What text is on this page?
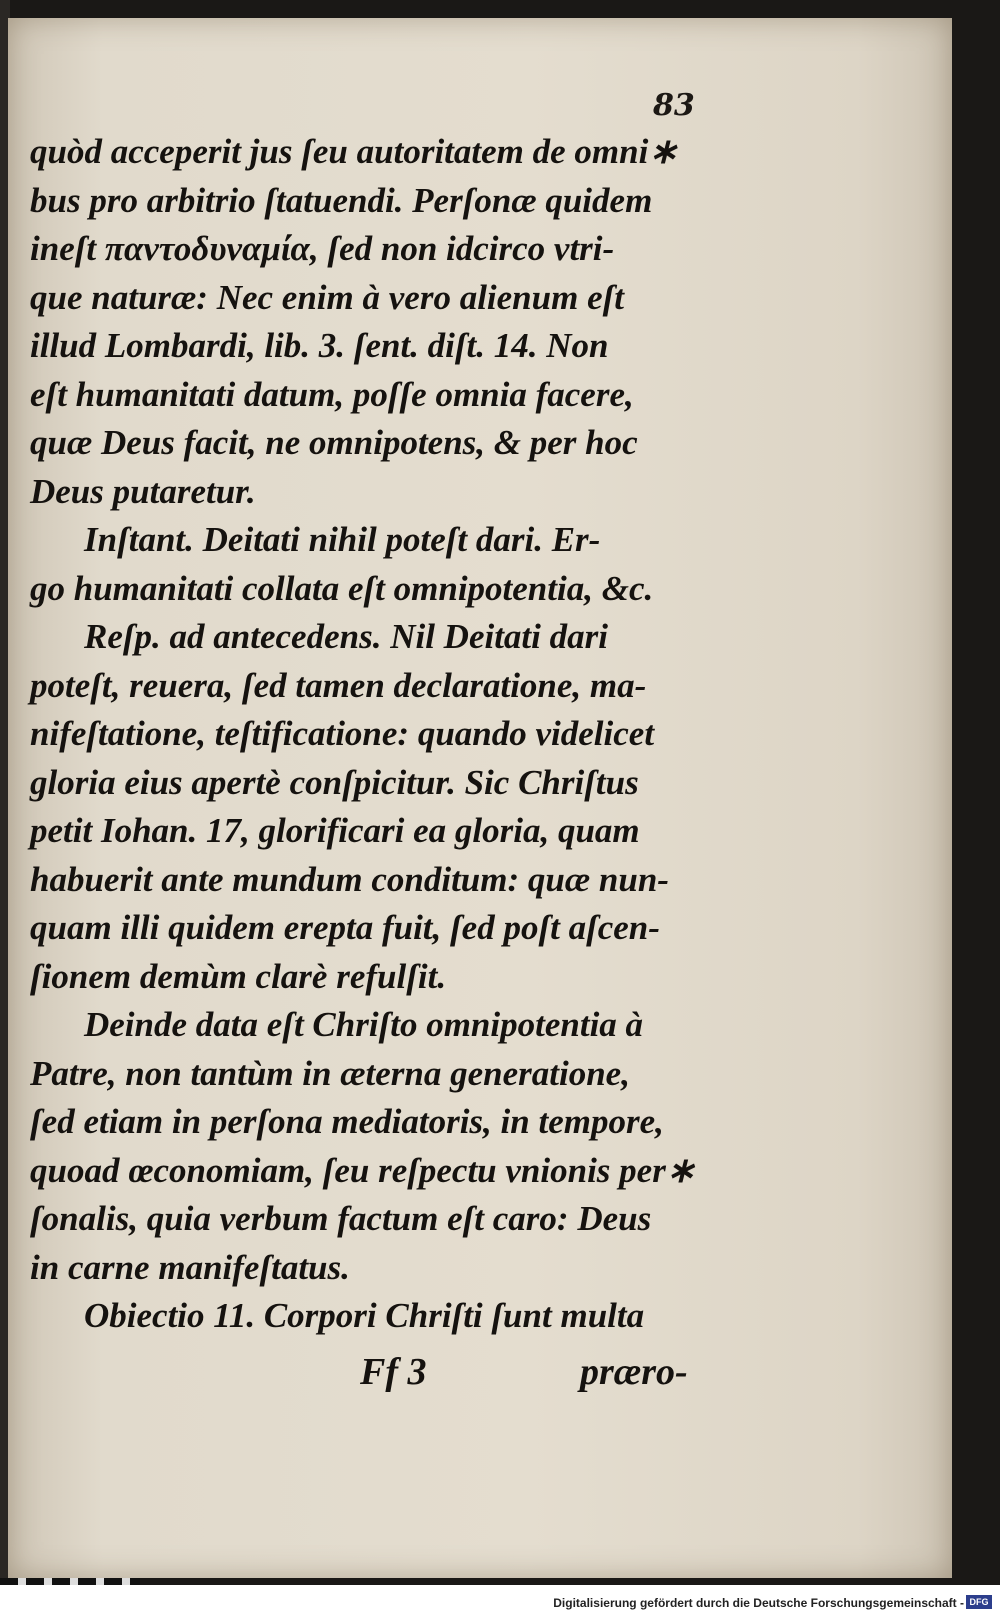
83
quòd acceperit jus ſeu autoritatem de omni∗
bus pro arbitrio ſtatuendi. Perſonæ quidem
ineſt παντοδυναμία, ſed non idcirco vtri-
que naturæ: Nec enim à vero alienum eſt
illud Lombardi, lib. 3. ſent. diſt. 14. Non
eſt humanitati datum, poſſe omnia facere,
quæ Deus facit, ne omnipotens, & per hoc
Deus putaretur.
Inſtant. Deitati nihil poteſt dari. Er-
go humanitati collata eſt omnipotentia, &c.
Reſp. ad antecedens. Nil Deitati dari
poteſt, reuera, ſed tamen declaratione, ma-
nifeſtatione, teſtificatione: quando videlicet
gloria eius apertè conſpicitur. Sic Chriſtus
petit Iohan. 17, glorificari ea gloria, quam
habuerit ante mundum conditum: quæ nun-
quam illi quidem erepta fuit, ſed poſt aſcen-
ſionem demùm clarè refulſit.
Deinde data eſt Chriſto omnipotentia à
Patre, non tantùm in æterna generatione,
ſed etiam in perſona mediatoris, in tempore,
quoad œconomiam, ſeu reſpectu vnionis per∗
ſonalis, quia verbum factum eſt caro: Deus
in carne manifeſtatus.
Obiectio 11. Corpori Chriſti ſunt multa
Ff 3	præro-
Digitalisierung gefördert durch die Deutsche Forschungsgemeinschaft - DFG
